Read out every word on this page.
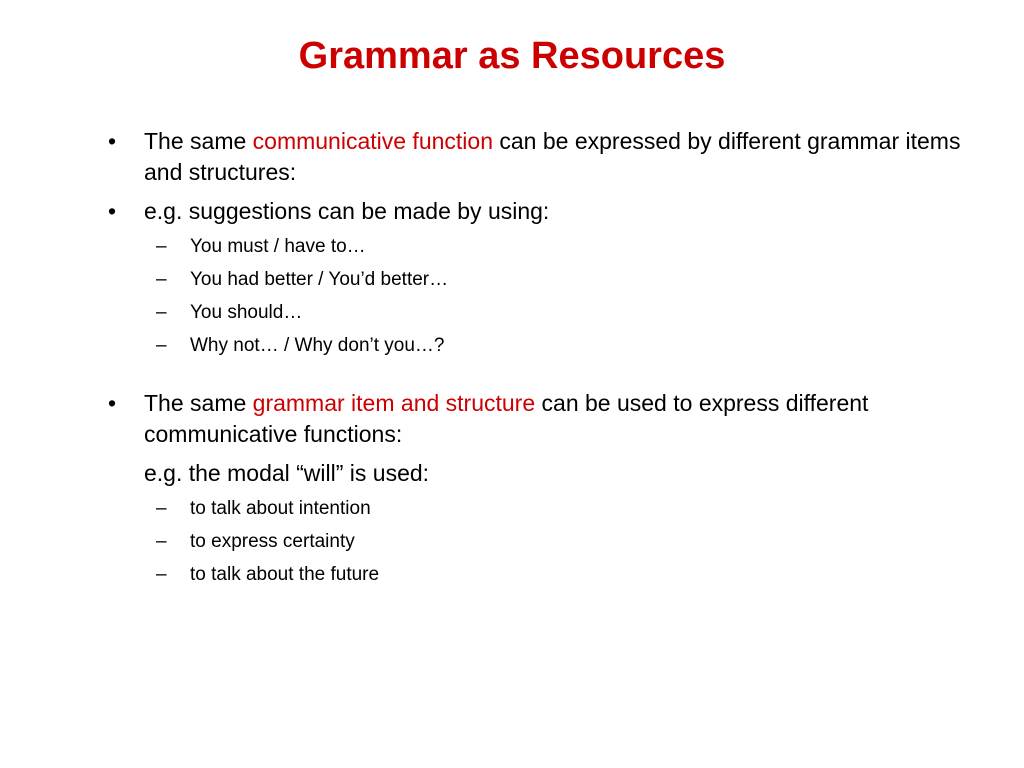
Grammar as Resources

• The same communicative function can be expressed by different grammar items and structures:

• e.g. suggestions can be made by using:

– You must / have to…

– You had better / You’d better…

– You should…

– Why not… / Why don’t you…?

• The same grammar item and structure can be used to express different communicative functions:

e.g. the modal “will” is used:

– to talk about intention

– to express certainty

– to talk about the future
